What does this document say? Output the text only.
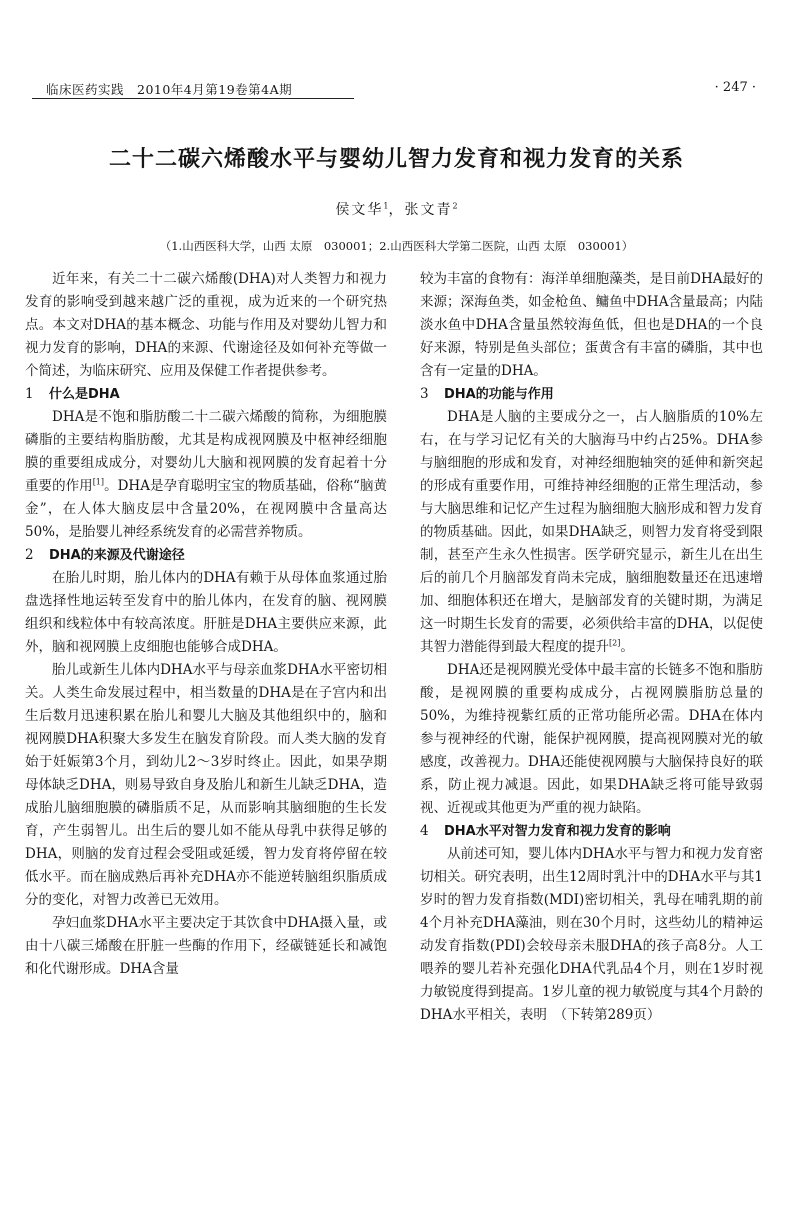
临床医药实践　2010年4月第19卷第4A期	· 247 ·
二十二碳六烯酸水平与婴幼儿智力发育和视力发育的关系
侯文华$^1$，张文青$^2$
（1.山西医科大学，山西 太原　030001；2.山西医科大学第二医院，山西 太原　030001）

近年来，有关二十二碳六烯酸(DHA)对人类智力和视力发育的影响受到越来越广泛的重视，成为近来的一个研究热点。本文对DHA的基本概念、功能与作用及对婴幼儿智力和视力发育的影响，DHA的来源、代谢途径及如何补充等做一个简述，为临床研究、应用及保健工作者提供参考。

1 什么是DHA

DHA是不饱和脂肪酸二十二碳六烯酸的简称，为细胞膜磷脂的主要结构脂肪酸，尤其是构成视网膜及中枢神经细胞膜的重要组成成分，对婴幼儿大脑和视网膜的发育起着十分重要的作用[1]。DHA是孕育聪明宝宝的物质基础，俗称“脑黄金”，在人体大脑皮层中含量20%，在视网膜中含量高达50%，是胎婴儿神经系统发育的必需营养物质。

2 DHA的来源及代谢途径

在胎儿时期，胎儿体内的DHA有赖于从母体血浆通过胎盘选择性地运转至发育中的胎儿体内，在发育的脑、视网膜组织和线粒体中有较高浓度。肝脏是DHA主要供应来源，此外，脑和视网膜上皮细胞也能够合成DHA。

胎儿或新生儿体内DHA水平与母亲血浆DHA水平密切相关。人类生命发展过程中，相当数量的DHA是在子宫内和出生后数月迅速积累在胎儿和婴儿大脑及其他组织中的，脑和视网膜DHA积聚大多发生在脑发育阶段。而人类大脑的发育始于妊娠第3个月，到幼儿2～3岁时终止。因此，如果孕期母体缺乏DHA，则易导致自身及胎儿和新生儿缺乏DHA，造成胎儿脑细胞膜的磷脂质不足，从而影响其脑细胞的生长发育，产生弱智儿。出生后的婴儿如不能从母乳中获得足够的DHA，则脑的发育过程会受阻或延缓，智力发育将停留在较低水平。而在脑成熟后再补充DHA亦不能逆转脑组织脂质成分的变化，对智力改善已无效用。

孕妇血浆DHA水平主要决定于其饮食中DHA摄入量，或由十八碳三烯酸在肝脏一些酶的作用下，经碳链延长和减饱和化代谢形成。DHA含量

较为丰富的食物有：海洋单细胞藻类，是目前DHA最好的来源；深海鱼类，如金枪鱼、鳙鱼中DHA含量最高；内陆淡水鱼中DHA含量虽然较海鱼低，但也是DHA的一个良好来源，特别是鱼头部位；蛋黄含有丰富的磷脂，其中也含有一定量的DHA。

3 DHA的功能与作用

DHA是人脑的主要成分之一，占人脑脂质的10%左右，在与学习记忆有关的大脑海马中约占25%。DHA参与脑细胞的形成和发育，对神经细胞轴突的延伸和新突起的形成有重要作用，可维持神经细胞的正常生理活动，参与大脑思维和记忆产生过程为脑细胞大脑形成和智力发育的物质基础。因此，如果DHA缺乏，则智力发育将受到限制，甚至产生永久性损害。医学研究显示，新生儿在出生后的前几个月脑部发育尚未完成，脑细胞数量还在迅速增加、细胞体积还在增大，是脑部发育的关键时期，为满足这一时期生长发育的需要，必须供给丰富的DHA，以促使其智力潜能得到最大程度的提升[2]。

DHA还是视网膜光受体中最丰富的长链多不饱和脂肪酸，是视网膜的重要构成成分，占视网膜脂肪总量的50%，为维持视紫红质的正常功能所必需。DHA在体内参与视神经的代谢，能保护视网膜，提高视网膜对光的敏感度，改善视力。DHA还能使视网膜与大脑保持良好的联系，防止视力减退。因此，如果DHA缺乏将可能导致弱视、近视或其他更为严重的视力缺陷。

4 DHA水平对智力发育和视力发育的影响

从前述可知，婴儿体内DHA水平与智力和视力发育密切相关。研究表明，出生12周时乳汁中的DHA水平与其1岁时的智力发育指数(MDI)密切相关，乳母在哺乳期的前4个月补充DHA藻油，则在30个月时，这些幼儿的精神运动发育指数(PDI)会较母亲未服DHA的孩子高8分。人工喂养的婴儿若补充强化DHA代乳品4个月，则在1岁时视力敏锐度得到提高。1岁儿童的视力敏锐度与其4个月龄的DHA水平相关，表明　（下转第289页）
